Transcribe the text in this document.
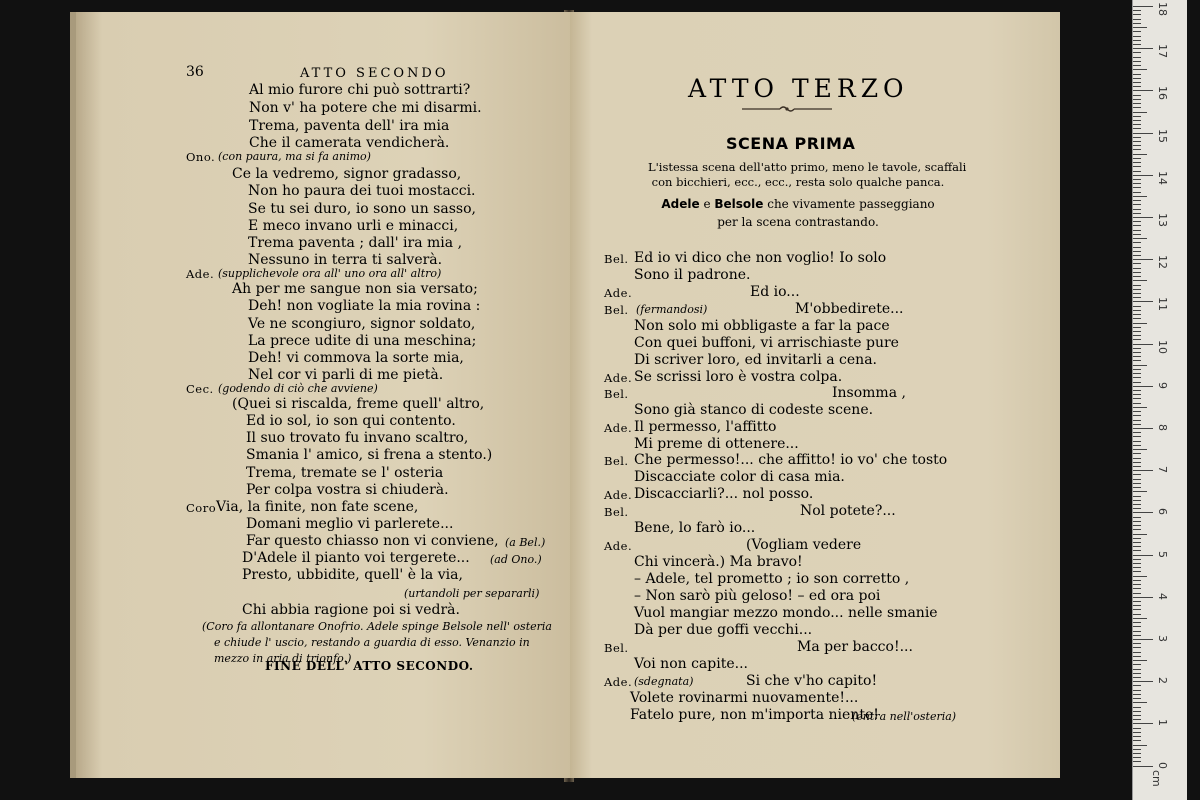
36	ATTO SECONDO
Al mio furore chi può sottrarti?
Non v' ha potere che mi disarmi.
Trema, paventa dell' ira mia
Che il camerata vendicherà.
Ono. (con paura, ma si fa animo)
Ce la vedremo, signor gradasso,
Non ho paura dei tuoi mostacci.
Se tu sei duro, io sono un sasso,
E meco invano urli e minacci,
Trema paventa ; dall' ira mia ,
Nessuno in terra ti salverà.
Ade. (supplichevole ora all' uno ora all' altro)
Ah per me sangue non sia versato;
Deh! non vogliate la mia rovina :
Ve ne scongiuro, signor soldato,
La prece udite di una meschina;
Deh! vi commova la sorte mia,
Nel cor vi parli di me pietà.
Cec. (godendo di ciò che avviene)
(Quei si riscalda, freme quell' altro,
Ed io sol, io son qui contento.
Il suo trovato fu invano scaltro,
Smania l' amico, si frena a stento.)
Trema, tremate se l' osteria
Per colpa vostra si chiuderà.
Coro Via, la finite, non fate scene,
Domani meglio vi parlerete...
Far questo chiasso non vi conviene, (a Bel.)
D'Adele il pianto voi tergerete... (ad Ono.)
Presto, ubbidite, quell' è la via,
(urtandoli per separarli)
Chi abbia ragione poi si vedrà.
(Coro fa allontanare Onofrio. Adele spinge Belsole nell' osteria
e chiude l' uscio, restando a guardia di esso. Venanzio in
mezzo in aria di trionfo.)
FINE DELL' ATTO SECONDO.
ATTO TERZO
SCENA PRIMA
L'istessa scena dell'atto primo, meno le tavole, scaffali
con bicchieri, ecc., ecc., resta solo qualche panca.
Adele e Belsole che vivamente passeggiano
per la scena contrastando.
Bel. Ed io vi dico che non voglio! Io solo
Sono il padrone.
Ade.	Ed io...
Bel. (fermandosi)	M'obbedirete...
Non solo mi obbligaste a far la pace
Con quei buffoni, vi arrischiaste pure
Di scriver loro, ed invitarli a cena.
Ade. Se scrissi loro è vostra colpa.
Bel.	Insomma ,
Sono già stanco di codeste scene.
Ade. Il permesso, l'affitto
Mi preme di ottenere...
Bel. Che permesso!... che affitto! io vo' che tosto
Discacciate color di casa mia.
Ade. Discacciarli?... nol posso.
Bel.	Nol potete?...
Bene, lo farò io...
Ade.	(Vogliam vedere
Chi vincerà.) Ma bravo!
– Adele, tel prometto ; io son corretto ,
– Non sarò più geloso! – ed ora poi
Vuol mangiar mezzo mondo... nelle smanie
Dà per due goffi vecchi...
Bel.	Ma per bacco!...
Voi non capite...
Ade. (sdegnata)	Si che v'ho capito!
Volete rovinarmi nuovamente!...
Fatelo pure, non m'importa niente!
(entra nell'osteria)
18
17
16
15
14
13
12
11
10
9
8
7
6
5
4
3
2
1
0
cm
